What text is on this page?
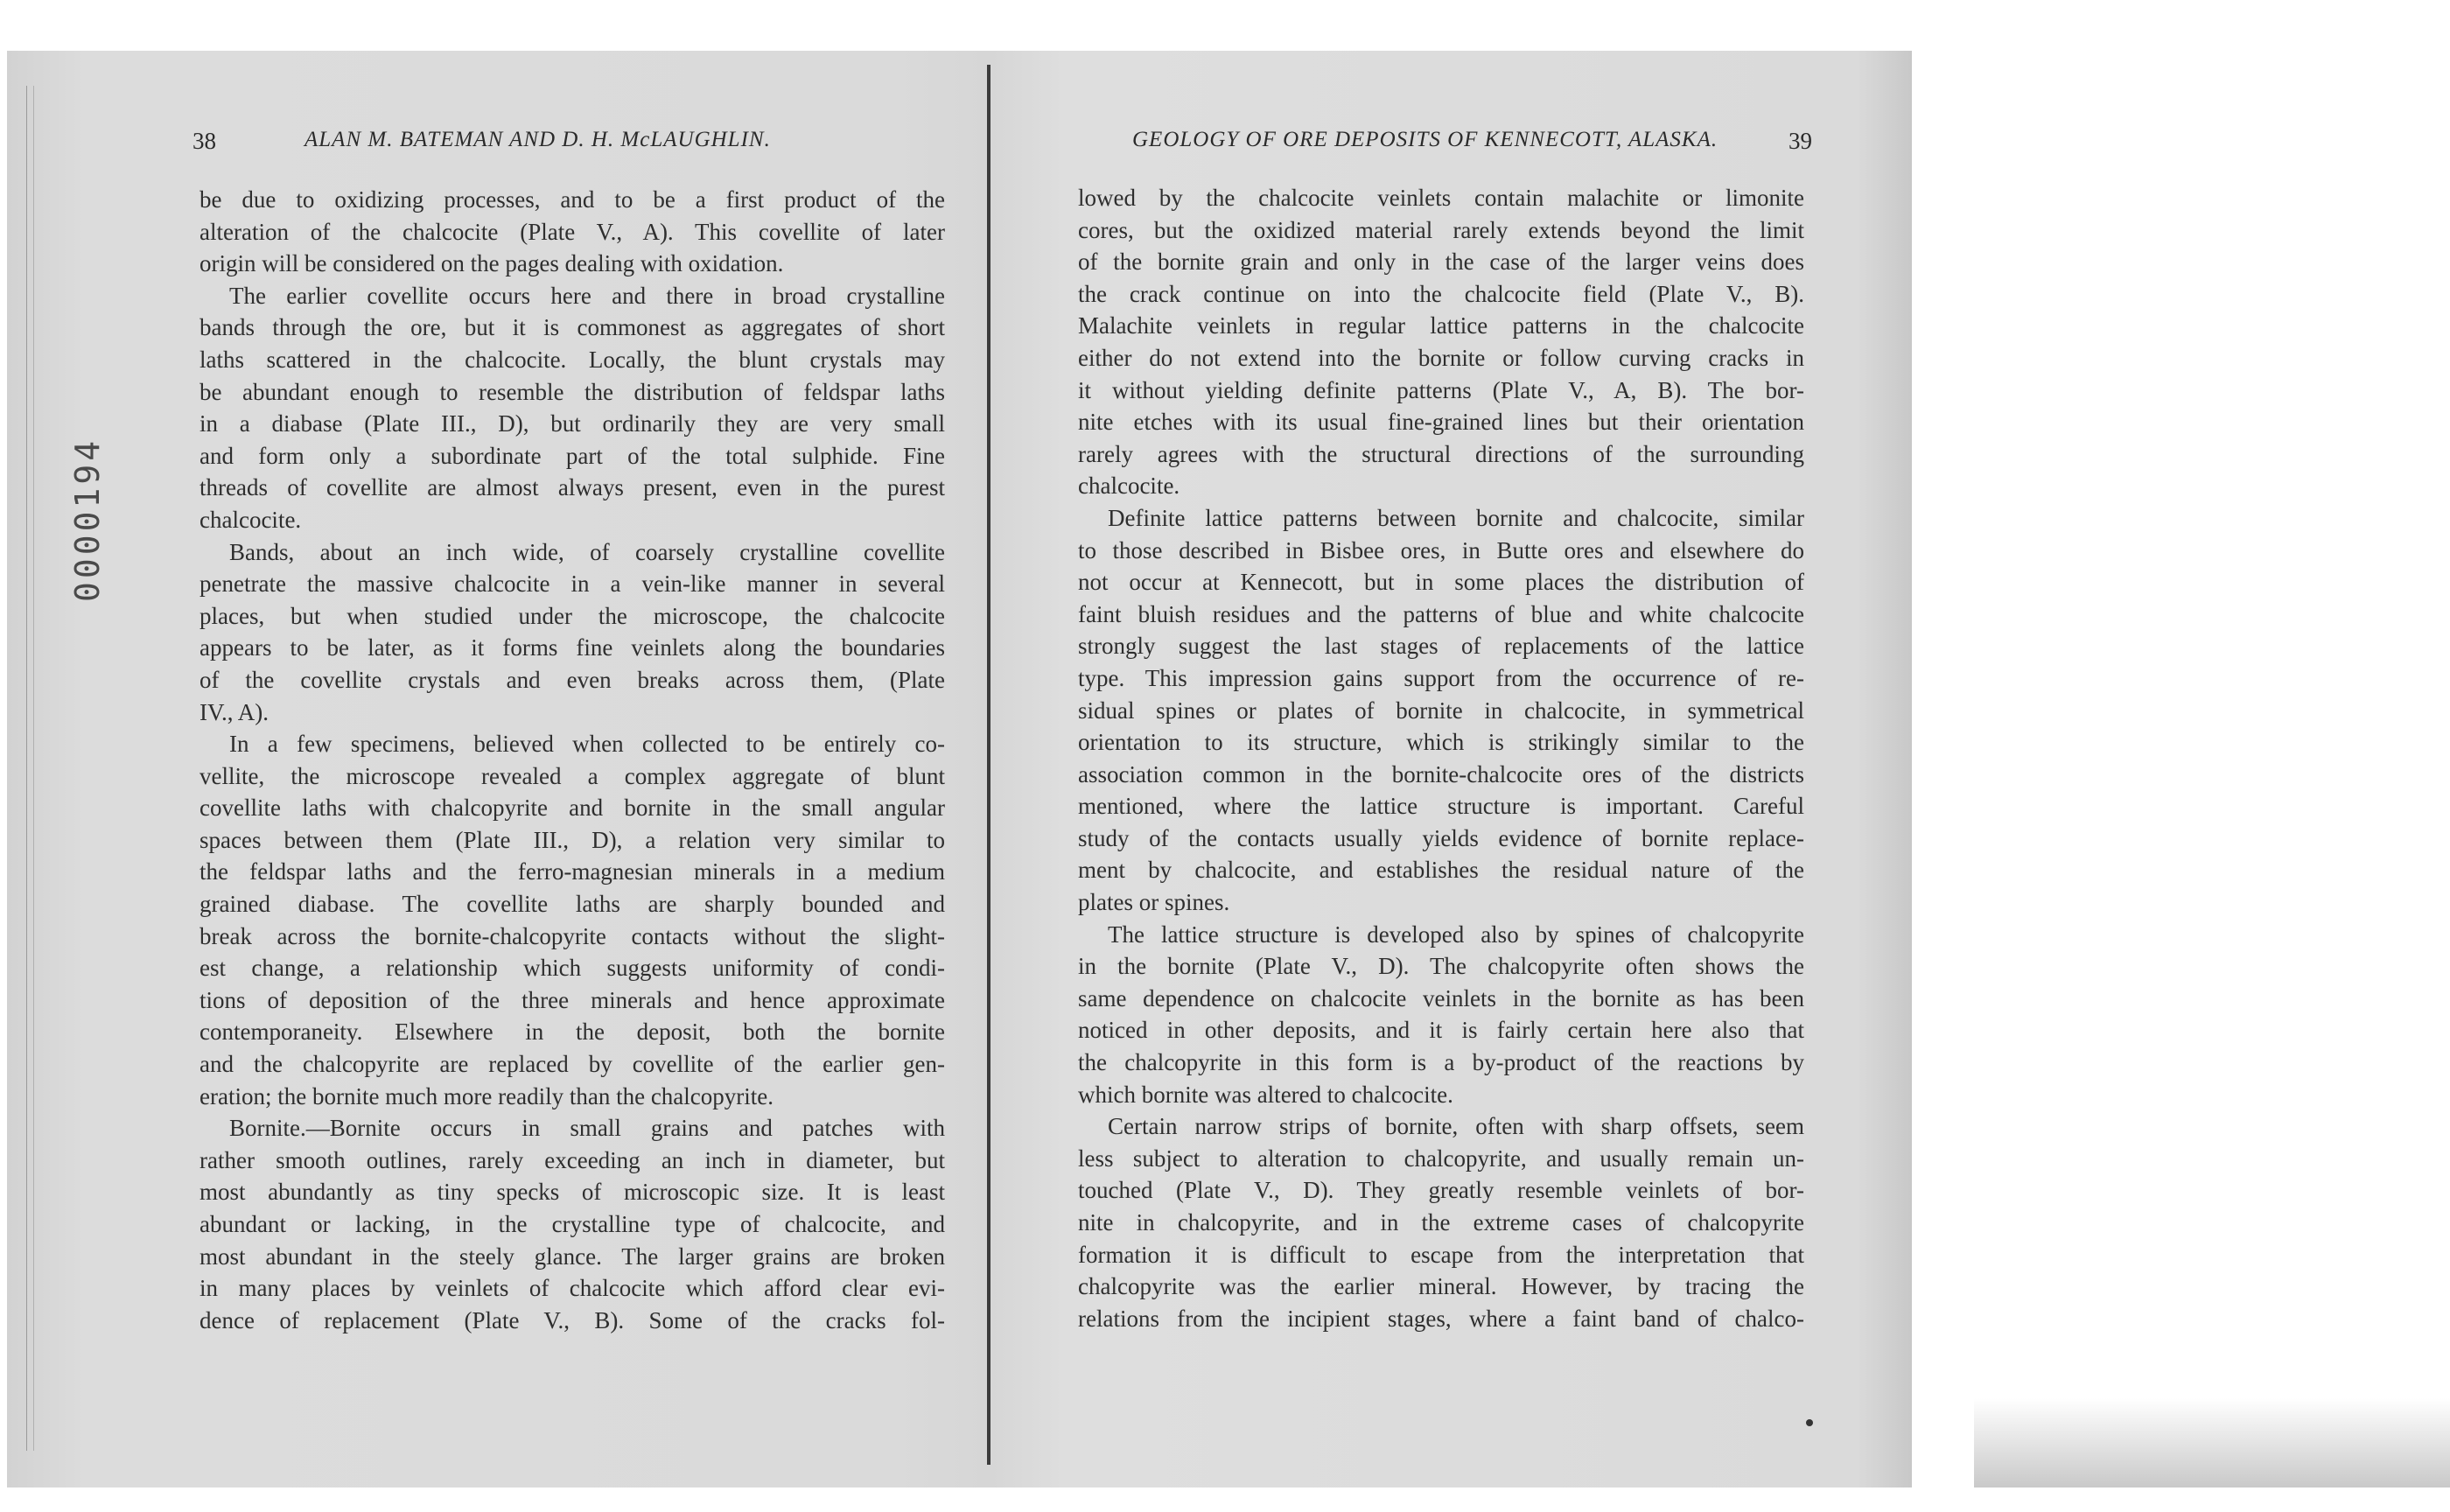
0000194
38	ALAN M. BATEMAN AND D. H. McLAUGHLIN.

be due to oxidizing processes, and to be a first product of the

alteration of the chalcocite (Plate V., A). This covellite of later

origin will be considered on the pages dealing with oxidation.

The earlier covellite occurs here and there in broad crystalline

bands through the ore, but it is commonest as aggregates of short

laths scattered in the chalcocite. Locally, the blunt crystals may

be abundant enough to resemble the distribution of feldspar laths

in a diabase (Plate III., D), but ordinarily they are very small

and form only a subordinate part of the total sulphide. Fine

threads of covellite are almost always present, even in the purest

chalcocite.

Bands, about an inch wide, of coarsely crystalline covellite

penetrate the massive chalcocite in a vein-like manner in several

places, but when studied under the microscope, the chalcocite

appears to be later, as it forms fine veinlets along the boundaries

of the covellite crystals and even breaks across them, (Plate

IV., A).

In a few specimens, believed when collected to be entirely co-

vellite, the microscope revealed a complex aggregate of blunt

covellite laths with chalcopyrite and bornite in the small angular

spaces between them (Plate III., D), a relation very similar to

the feldspar laths and the ferro-magnesian minerals in a medium

grained diabase. The covellite laths are sharply bounded and

break across the bornite-chalcopyrite contacts without the slight-

est change, a relationship which suggests uniformity of condi-

tions of deposition of the three minerals and hence approximate

contemporaneity. Elsewhere in the deposit, both the bornite

and the chalcopyrite are replaced by covellite of the earlier gen-

eration; the bornite much more readily than the chalcopyrite.

Bornite.—Bornite occurs in small grains and patches with

rather smooth outlines, rarely exceeding an inch in diameter, but

most abundantly as tiny specks of microscopic size. It is least

abundant or lacking, in the crystalline type of chalcocite, and

most abundant in the steely glance. The larger grains are broken

in many places by veinlets of chalcocite which afford clear evi-

dence of replacement (Plate V., B). Some of the cracks fol-

GEOLOGY OF ORE DEPOSITS OF KENNECOTT, ALASKA.	39

lowed by the chalcocite veinlets contain malachite or limonite

cores, but the oxidized material rarely extends beyond the limit

of the bornite grain and only in the case of the larger veins does

the crack continue on into the chalcocite field (Plate V., B).

Malachite veinlets in regular lattice patterns in the chalcocite

either do not extend into the bornite or follow curving cracks in

it without yielding definite patterns (Plate V., A, B). The bor-

nite etches with its usual fine-grained lines but their orientation

rarely agrees with the structural directions of the surrounding

chalcocite.

Definite lattice patterns between bornite and chalcocite, similar

to those described in Bisbee ores, in Butte ores and elsewhere do

not occur at Kennecott, but in some places the distribution of

faint bluish residues and the patterns of blue and white chalcocite

strongly suggest the last stages of replacements of the lattice

type. This impression gains support from the occurrence of re-

sidual spines or plates of bornite in chalcocite, in symmetrical

orientation to its structure, which is strikingly similar to the

association common in the bornite-chalcocite ores of the districts

mentioned, where the lattice structure is important. Careful

study of the contacts usually yields evidence of bornite replace-

ment by chalcocite, and establishes the residual nature of the

plates or spines.

The lattice structure is developed also by spines of chalcopyrite

in the bornite (Plate V., D). The chalcopyrite often shows the

same dependence on chalcocite veinlets in the bornite as has been

noticed in other deposits, and it is fairly certain here also that

the chalcopyrite in this form is a by-product of the reactions by

which bornite was altered to chalcocite.

Certain narrow strips of bornite, often with sharp offsets, seem

less subject to alteration to chalcopyrite, and usually remain un-

touched (Plate V., D). They greatly resemble veinlets of bor-

nite in chalcopyrite, and in the extreme cases of chalcopyrite

formation it is difficult to escape from the interpretation that

chalcopyrite was the earlier mineral. However, by tracing the

relations from the incipient stages, where a faint band of chalco-
